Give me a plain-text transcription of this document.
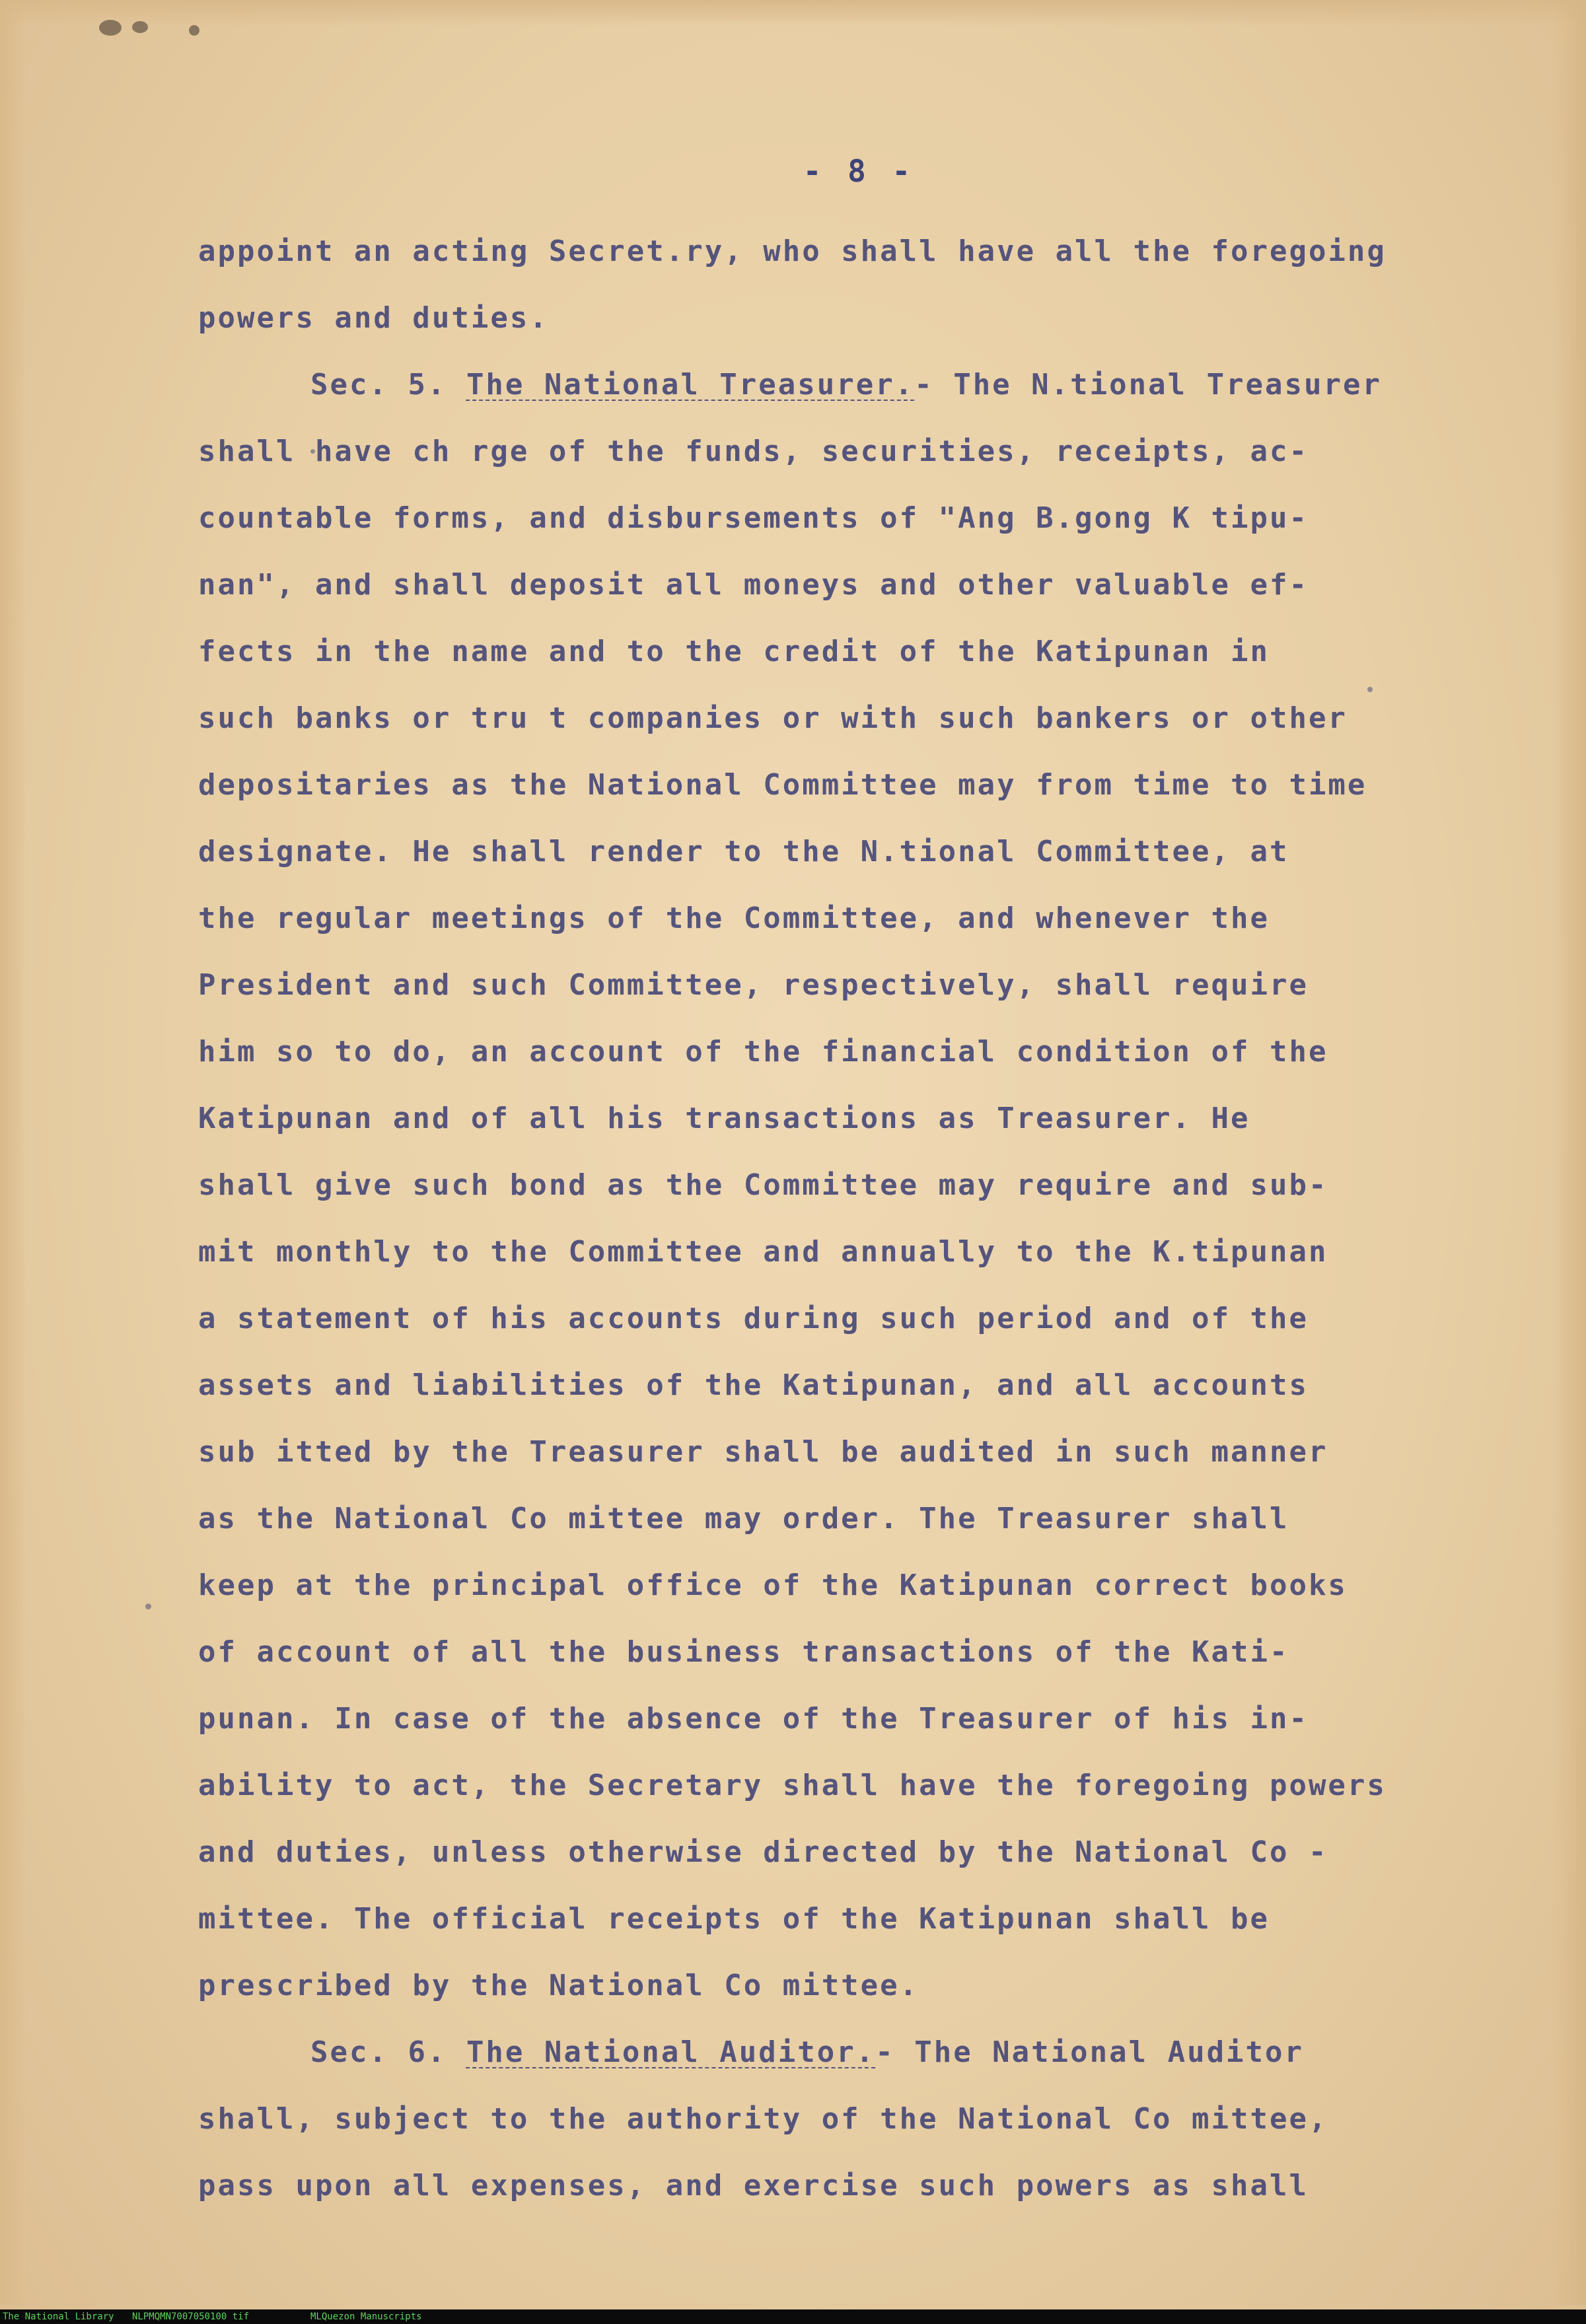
- 8 -
appoint an acting Secret.ry, who shall have all the foregoing
powers and duties.
Sec. 5. The National Treasurer.- The N.tional Treasurer
shall have ch rge of the funds, securities, receipts, ac-
countable forms, and disbursements of "Ang B.gong K tipu-
nan", and shall deposit all moneys and other valuable ef-
fects in the name and to the credit of the Katipunan in
such banks or tru t companies or with such bankers or other
depositaries as the National Committee may from time to time
designate. He shall render to the N.tional Committee, at
the regular meetings of the Committee, and whenever the
President and such Committee, respectively, shall require
him so to do, an account of the financial condition of the
Katipunan and of all his transactions as Treasurer. He
shall give such bond as the Committee may require and sub-
mit monthly to the Committee and annually to the K.tipunan
a statement of his accounts during such period and of the
assets and liabilities of the Katipunan, and all accounts
sub itted by the Treasurer shall be audited in such manner
as the National Co mittee may order. The Treasurer shall
keep at the principal office of the Katipunan correct books
of account of all the business transactions of the Kati-
punan. In case of the absence of the Treasurer of his in-
ability to act, the Secretary shall have the foregoing powers
and duties, unless otherwise directed by the National Co -
mittee. The official receipts of the Katipunan shall be
prescribed by the National Co mittee.
Sec. 6. The National Auditor.- The National Auditor
shall, subject to the authority of the National Co mittee,
pass upon all expenses, and exercise such powers as shall
The National Library NLPMQMN7007050100 tif	MLQuezon Manuscripts
